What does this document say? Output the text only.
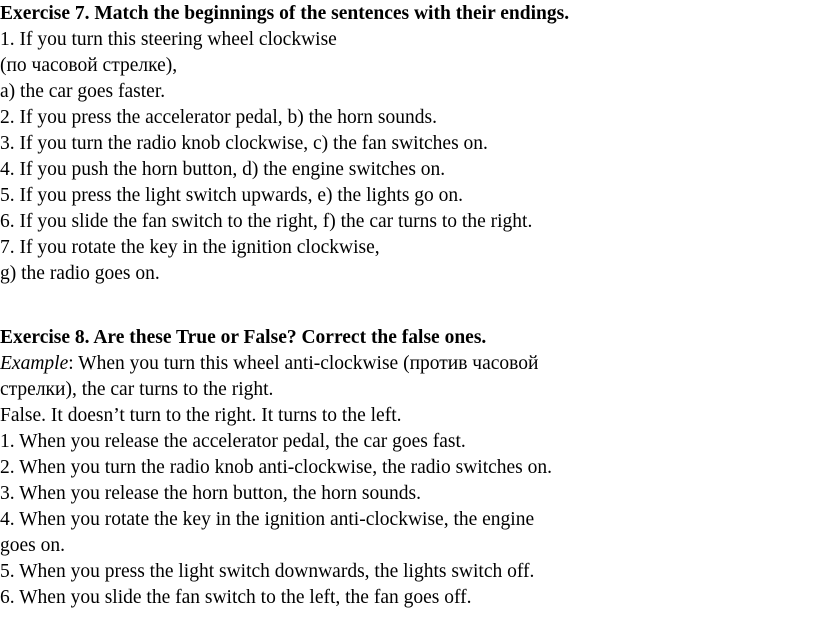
Exercise 7. Match the beginnings of the sentences with their endings.
1. If you turn this steering wheel clockwise
(по часовой стрелке),
a) the car goes faster.
2. If you press the accelerator pedal, b) the horn sounds.
3. If you turn the radio knob clockwise, c) the fan switches on.
4. If you push the horn button, d) the engine switches on.
5. If you press the light switch upwards, e) the lights go on.
6. If you slide the fan switch to the right, f) the car turns to the right.
7. If you rotate the key in the ignition clockwise,
g) the radio goes on.
Exercise 8. Are these True or False? Correct the false ones.
Example: When you turn this wheel anti-clockwise (против часовой
стрелки), the car turns to the right.
False. It doesn’t turn to the right. It turns to the left.
1. When you release the accelerator pedal, the car goes fast.
2. When you turn the radio knob anti-clockwise, the radio switches on.
3. When you release the horn button, the horn sounds.
4. When you rotate the key in the ignition anti-clockwise, the engine
goes on.
5. When you press the light switch downwards, the lights switch off.
6. When you slide the fan switch to the left, the fan goes off.
